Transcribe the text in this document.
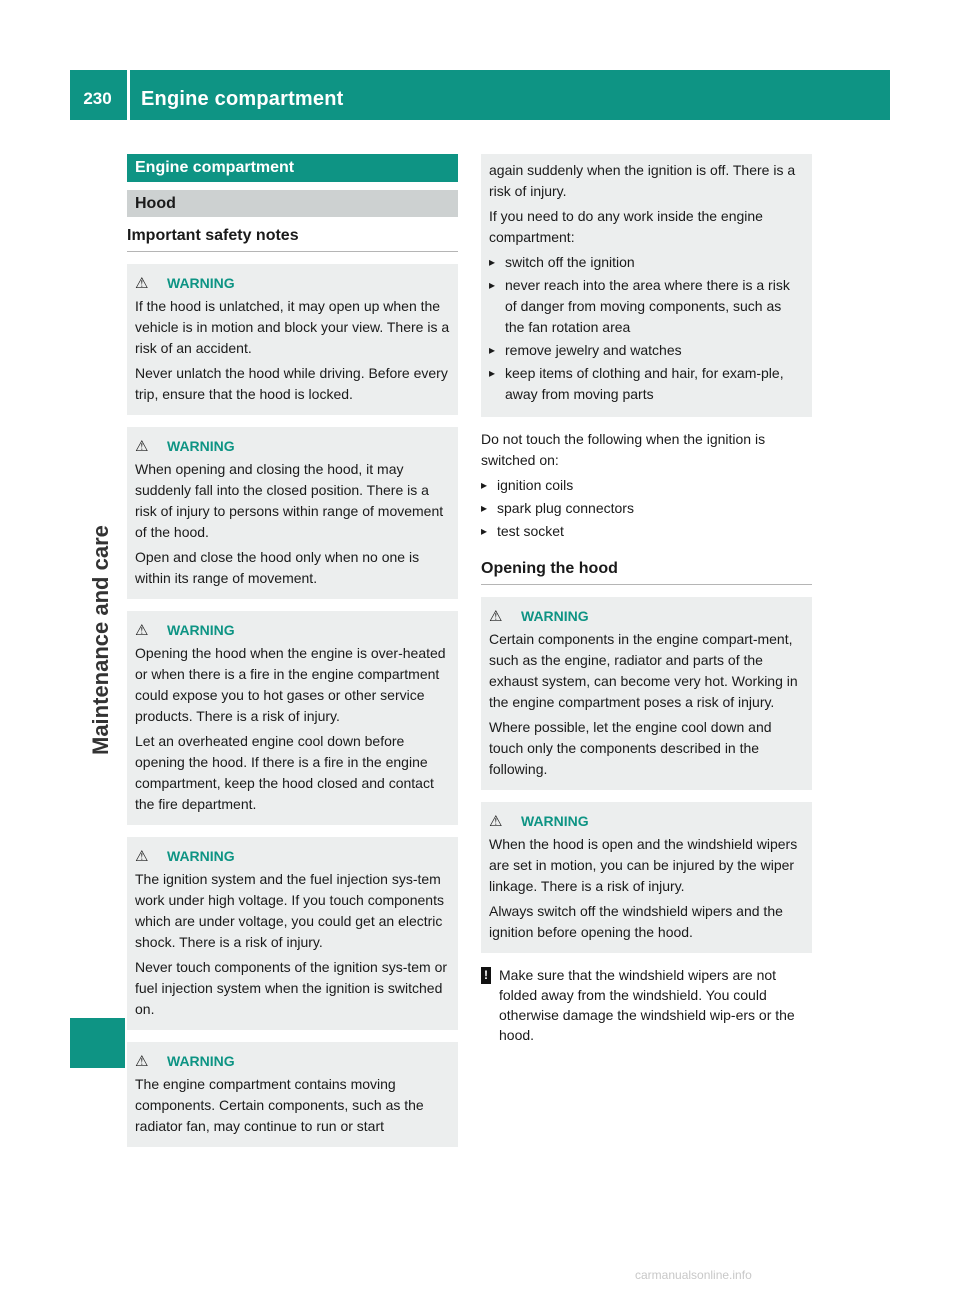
230	Engine compartment
Maintenance and care
Engine compartment
Hood
Important safety notes
⚠ WARNING

If the hood is unlatched, it may open up when the vehicle is in motion and block your view. There is a risk of an accident.

Never unlatch the hood while driving. Before every trip, ensure that the hood is locked.

⚠ WARNING

When opening and closing the hood, it may suddenly fall into the closed position. There is a risk of injury to persons within range of movement of the hood.

Open and close the hood only when no one is within its range of movement.

⚠ WARNING

Opening the hood when the engine is over-heated or when there is a fire in the engine compartment could expose you to hot gases or other service products. There is a risk of injury.

Let an overheated engine cool down before opening the hood. If there is a fire in the engine compartment, keep the hood closed and contact the fire department.

⚠ WARNING

The ignition system and the fuel injection sys-tem work under high voltage. If you touch components which are under voltage, you could get an electric shock. There is a risk of injury.

Never touch components of the ignition sys-tem or fuel injection system when the ignition is switched on.

⚠ WARNING

The engine compartment contains moving components. Certain components, such as the radiator fan, may continue to run or start

again suddenly when the ignition is off. There is a risk of injury.

If you need to do any work inside the engine compartment:

▸ switch off the ignition
▸ never reach into the area where there is a risk of danger from moving components, such as the fan rotation area
▸ remove jewelry and watches
▸ keep items of clothing and hair, for exam-ple, away from moving parts

Do not touch the following when the ignition is switched on:

▸ ignition coils
▸ spark plug connectors
▸ test socket
Opening the hood
⚠ WARNING

Certain components in the engine compart-ment, such as the engine, radiator and parts of the exhaust system, can become very hot. Working in the engine compartment poses a risk of injury.

Where possible, let the engine cool down and touch only the components described in the following.

⚠ WARNING

When the hood is open and the windshield wipers are set in motion, you can be injured by the wiper linkage. There is a risk of injury.

Always switch off the windshield wipers and the ignition before opening the hood.

! Make sure that the windshield wipers are not folded away from the windshield. You could otherwise damage the windshield wip-ers or the hood.
carmanualsonline.info
